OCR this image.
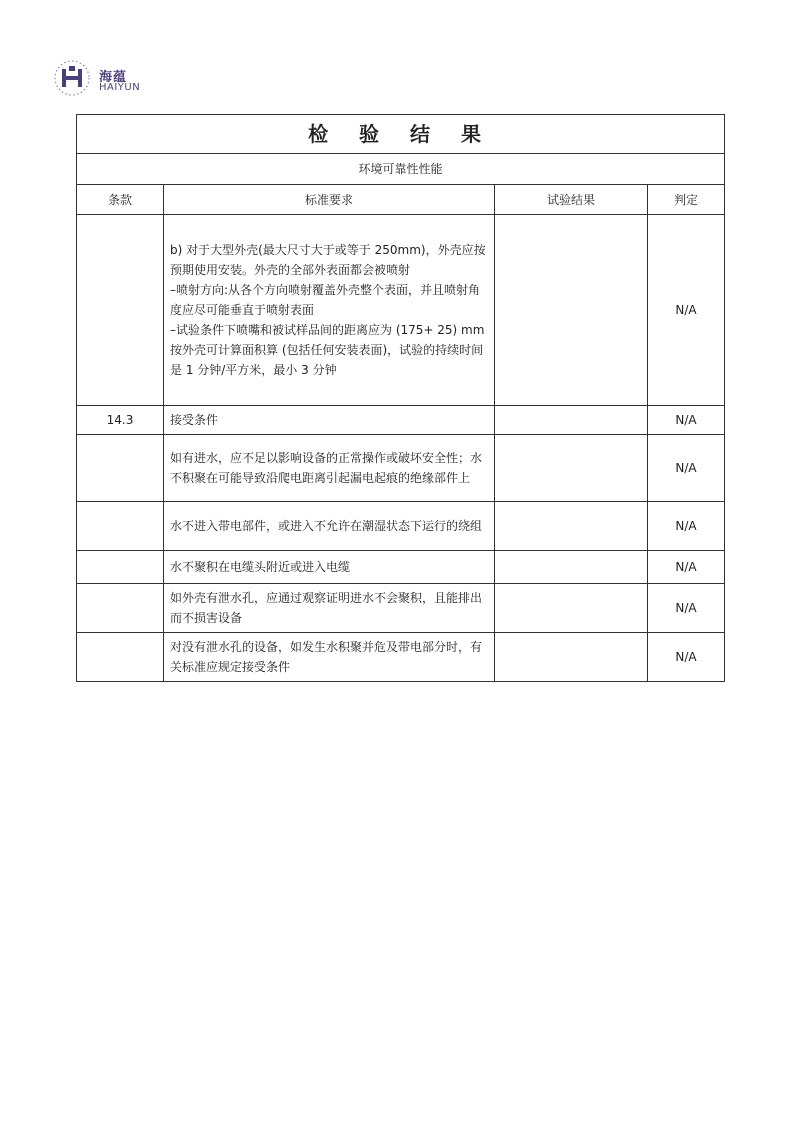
海蕴
HAIYUN
检 验 结 果			
环境可靠性性能			
条款	标准要求	试验结果	判定

	b) 对于大型外壳(最大尺寸大于或等于 250mm)，外壳应按预期使用安装。外壳的全部外表面都会被喷射
–喷射方向:从各个方向喷射覆盖外壳整个表面，并且喷射角度应尽可能垂直于喷射表面
–试验条件下喷嘴和被试样品间的距离应为 (175+ 25) mm
按外壳可计算面积算 (包括任何安装表面)，试验的持续时间是 1 分钟/平方米，最小 3 分钟		N/A
14.3	接受条件		N/A

	如有进水，应不足以影响设备的正常操作或破坏安全性；水不积聚在可能导致沿爬电距离引起漏电起痕的绝缘部件上		N/A

	水不进入带电部件，或进入不允许在潮湿状态下运行的绕组		N/A

	水不聚积在电缆头附近或进入电缆		N/A

	如外壳有泄水孔，应通过观察证明进水不会聚积，且能排出而不损害设备		N/A

	对没有泄水孔的设备，如发生水积聚并危及带电部分时，有关标准应规定接受条件		N/A
